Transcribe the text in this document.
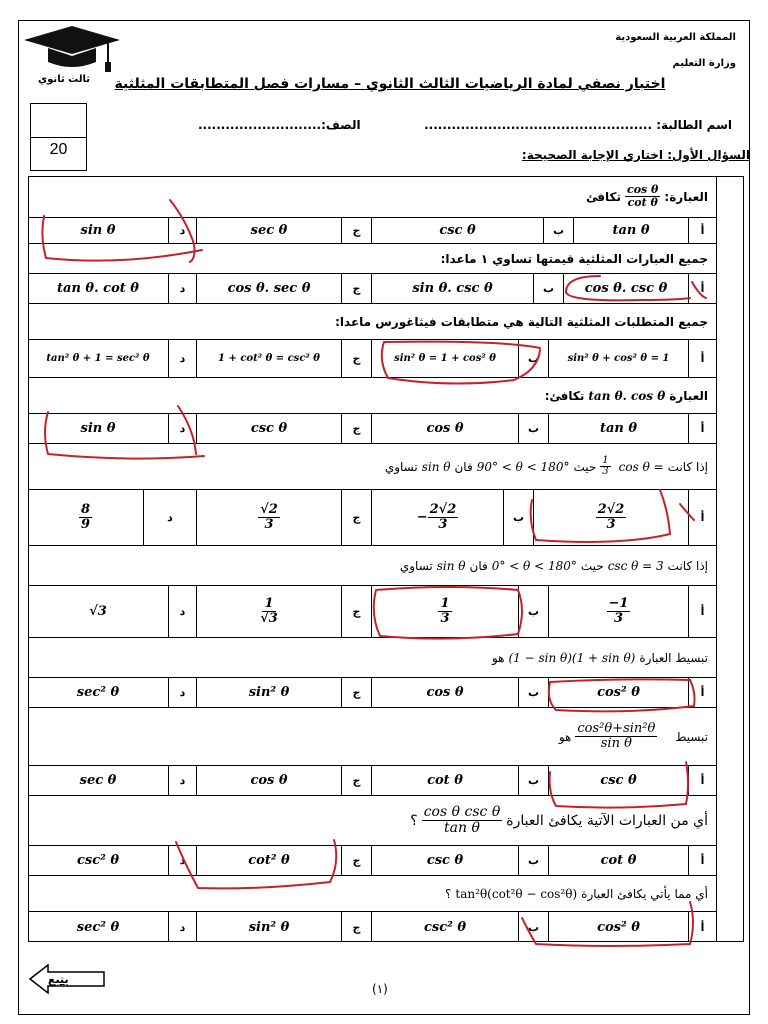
ثالث ثانوي
المملكة العربية السعودية
وزارة التعليم
اختبار نصفي لمادة الرياضيات الثالث الثانوي – مسارات فصل المتطابقات المثلثية
اسم الطالبة: ..................................................
الصف:...........................
20	السؤال الأول: اختاري الإجابة الصحيحة:
العبارة:
$\frac{\text{cos θ}}{\text{cot θ}}$
تكافئ
أ
tan θ
ب
csc θ
ج
sec θ
د
sin θ
جميع العبارات المثلثية قيمتها تساوي ١ ماعدا:
أ
cos θ. csc θ
ب
sin θ. csc θ
ج
cos θ. sec θ
د
tan θ. cot θ
جميع المتطلبات المثلثية التالية هي متطابقات فيثاغورس ماعدا:
أ
sin² θ + cos² θ = 1
ب
sin² θ = 1 + cos² θ
ج
1 + cot² θ = csc² θ
د
tan² θ + 1 = sec² θ
العبارة
tan θ. cos θ
تكافئ:
أ
tan θ
ب
cos θ
ج
csc θ
د
sin θ
إذا كانت
cos θ =
$\frac{1}{3}$
حيث
90° < θ < 180°
فان
sin θ
تساوي
أ
$\frac{2√2}{3}$
ب
− $\frac{2√2}{3}$
ج
$\frac{√2}{3}$
د
$\frac{8}{9}$
إذا كانت
csc θ = 3
حيث
0° < θ < 180°
فان
sin θ
تساوي
أ
$\frac{-1}{3}$
ب
$\frac{1}{3}$
ج
$\frac{1}{√3}$
د
√3
تبسيط العبارة
(1 − sin θ)(1 + sin θ)
هو
أ
cos² θ
ب
cos θ
ج
sin² θ
د
sec² θ
تبسيط
$\frac{\text{cos²θ+sin²θ}}{\text{sin θ}}$
هو
أ
csc θ
ب
cot θ
ج
cos θ
د
sec θ
أي من العبارات الآتية يكافئ العبارة
$\frac{\text{cos θ csc θ}}{\text{tan θ}}$
؟
أ
cot θ
ب
csc θ
ج
cot² θ
د
csc² θ
أي مما يأتي يكافئ العبارة
tan²θ(cot²θ − cos²θ)
؟
أ
cos² θ
ب
csc² θ
ج
sin² θ
د
sec² θ
يتبع
(١)
